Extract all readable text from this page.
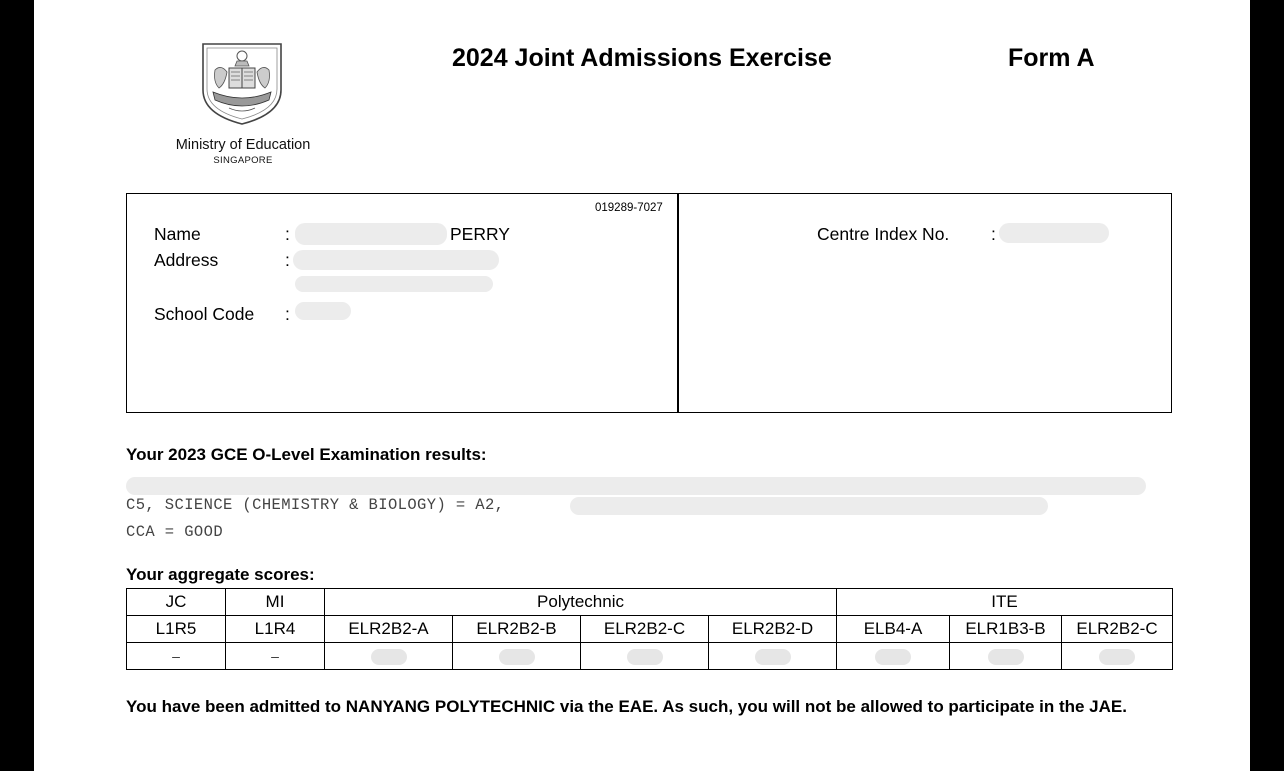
Ministry of Education
SINGAPORE
2024 Joint Admissions Exercise	Form A
019289-7027
Name	:	PERRY
Address	:
School Code :
Centre Index No. :
Your 2023 GCE O-Level Examination results:
C5, SCIENCE (CHEMISTRY & BIOLOGY) = A2,
CCA = GOOD
Your aggregate scores:
JC	MI	Polytechnic				ITE		
L1R5	L1R4	ELR2B2-A	ELR2B2-B	ELR2B2-C	ELR2B2-D	ELB4-A	ELR1B3-B	ELR2B2-C
–	–							
You have been admitted to NANYANG POLYTECHNIC via the EAE. As such, you will not be allowed to participate in the JAE.
